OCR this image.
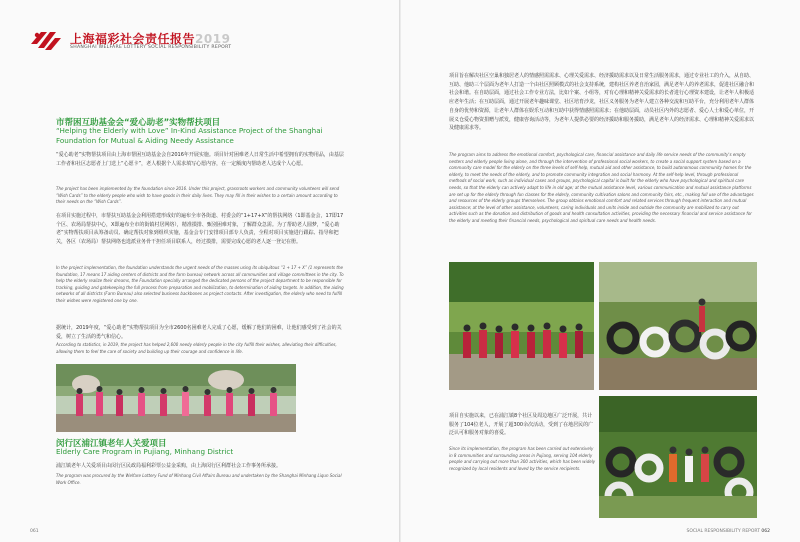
上海福彩社会责任报告2019
SHANGHAI WELFARE LOTTERY SOCIAL RESPONSIBILITY REPORT
市帮困互助基金会“爱心助老”实物帮扶项目
“Helping the Elderly with Love” In-Kind Assistance Project of the Shanghai Foundation for Mutual & Aiding Needy Assistance

“爱心助老”实物帮扶项目由上海市帮困互助基金会自2016年开展实施。项目针对困难老人日常生活中希望拥有的实物用品，由基层工作者和社区志愿者上门送上“心愿卡”，老人根据个人需求填写心愿内容，在一定额度内帮助老人达成个人心愿。

The project has been implemented by the foundation since 2016. Under this project, grassroots workers and community volunteers will send “Wish Cards” to the elderly people who wish to have goods in their daily lives. They may fill in their wishes to a certain amount according to their needs on the “Wish Cards”.

在项目实施过程中，市帮扶互助基金会利用搭建形成好的遍布全市各街道、村委会的“1+17+X”的帮扶网络（1即基金会，17即17个区、农场局帮扶中心，X即遍布全市的街镇村居网络），精准摸排、甄别困难对象，了解群众急需。为了帮助老人圆梦，“爱心助老”实物帮扶项目从筹备动员、确定帮扶对象到组织实施，基金会专门安排项目部专人负责，全程对项目实施进行跟踪、指导和把关，各区（农场局）帮扶网络也选派业务骨干担任项目联系人，经过摸排，需要完成心愿的老人逐一登记在册。

In the project implementation, the foundation understands the urgent needs of the masses using its ubiquitous “1 + 17 + X” (1 represents the foundation, 17 means 17 aiding centers of districts and the farm bureau) network across all communities and village committees in the city. To help the elderly realize their dreams, the Foundation specially arranged the dedicated persons of the project department to be responsible for tracking, guiding and gatekeeping the full process from preparation and mobilization, to determination of aiding targets. In addition, the aiding networks of all districts (Farm Bureau) also selected business backbones as project contacts. After investigation, the elderly who need to fulfill their wishes were registered one by one.

据统计，2019年度，“爱心助老”实物帮扶项目为全市2600名困难老人完成了心愿，缓解了他们的困难，让他们感受到了社会的关爱，树立了生活的勇气和信心。

According to statistics, in 2019, the project has helped 2,600 needy elderly people in the city fulfill their wishes, alleviating their difficulties, allowing them to feel the care of society and building up their courage and confidence in life.

闵行区浦江镇老年人关爱项目
Elderly Care Program in Pujiang, Minhang District

浦江镇老年人关爱项目由闵行区民政局福利彩票公益金采购，由上海闵行区利群社会工作事务所承接。

The program was procured by the Welfare Lottery Fund of Minhang Civil Affairs Bureau and undertaken by the Shanghai Minhang Liqun Social Work Office.

061

项目旨在解决社区空巢和独居老人的情感照需需求、心理关爱需求、经济援助需求以及日常生活服务需求，通过专业社工的介入，从自助、互助、他助三个层面为老年人打造一个由社区照顾模式的社会支持系统，建构社区养老自治家园，满足老年人的养老需求，促进社区融合和社会和谐。在自助层面，通过社会工作专业方法，比如个案、小组等，对有心理和精神关爱需求的长者进行心理资本建设，让老年人积极适应老年生活；在互助层面，通过开展老年趣味课堂、社区培育沙龙，社区义务服务为老年人建立各种交流和互助平台，充分利用老年人群体自身的优势和资源，让老年人群体在娱乐互动和互助中获得情感照需需求；在他助层面，动员社区内外的志愿者、爱心人士和爱心单位，开展义仓爱心物资捐赠与派发，健康咨询活动等，为老年人提供必要的经济援助和服务援助，满足老年人的经济需求、心理和精神关爱需求以及健康需求等。

The program aims to address the emotional comfort, psychological care, financial assistance and daily life service needs of the community's empty nesters and elderly people living alone, and through the intervention of professional social workers, to create a social support system based on a community care model for the elderly on the three levels of self-help, mutual aid and other assistance, to build autonomous community homes for the elderly, to meet the needs of the elderly, and to promote community integration and social harmony. At the self-help level, through professional methods of social work, such as individual cases and groups, psychological capital is built for the elderly who have psychological and spiritual care needs, so that the elderly can actively adapt to life in old age; at the mutual assistance level, various communication and mutual assistance platforms are set up for the elderly through fun classes for the elderly, community cultivation salons and community fairs, etc., making full use of the advantages and resources of the elderly groups themselves. The group obtains emotional comfort and related services through frequent interaction and mutual assistance; at the level of other assistance, volunteers, caring individuals and units inside and outside the community are mobilized to carry out activities such as the donation and distribution of goods and health consultation activities, providing the necessary financial and service assistance for the elderly and meeting their financial needs, psychological and spiritual care needs and health needs.

项目自实施以来，已在浦江镇8个社区及周边地区广泛开展，共计服务了104位老人，开展了超300余次活动，受到了在地居民的广泛认可和服务对象的喜爱。

Since its implementation, the program has been carried out extensively in 8 communities and surrounding areas in Pujiang, serving 104 elderly people and carrying out more than 300 activities, which has been widely recognized by local residents and loved by the service recipients.

SOCIAL RESPONSIBILITY REPORT 062
